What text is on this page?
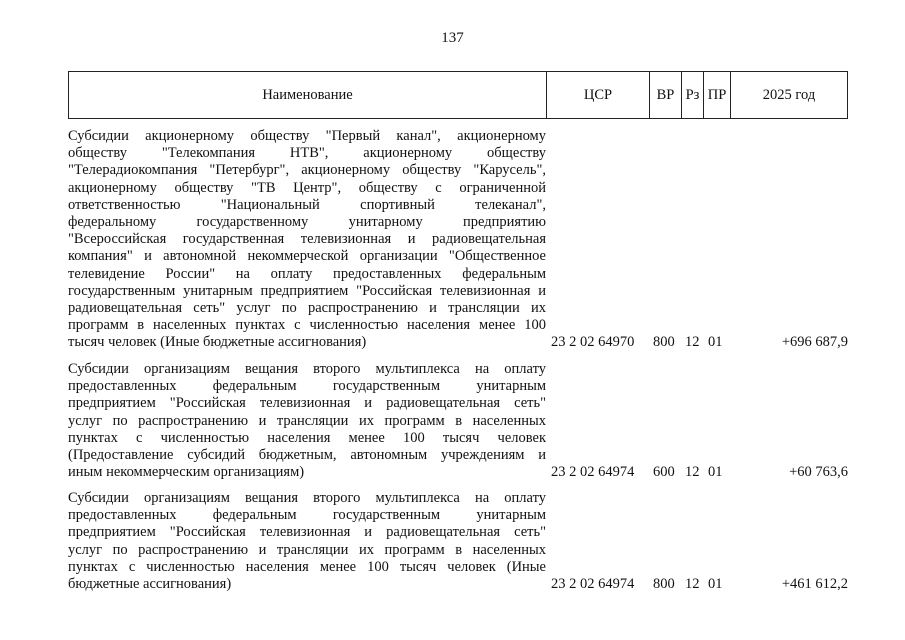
137
Наименование	ЦСР	ВР Рз ПР	2025 год
Субсидии акционерному обществу "Первый канал", акционерному
обществу "Телекомпания НТВ", акционерному обществу
"Телерадиокомпания "Петербург", акционерному обществу "Карусель",
акционерному обществу "ТВ Центр", обществу с ограниченной
ответственностью "Национальный спортивный телеканал",
федеральному государственному унитарному предприятию
"Всероссийская государственная телевизионная и радиовещательная
компания" и автономной некоммерческой организации "Общественное
телевидение России" на оплату предоставленных федеральным
государственным унитарным предприятием "Российская телевизионная и
радиовещательная сеть" услуг по распространению и трансляции их
программ в населенных пунктах с численностью населения менее 100
тысяч человек (Иные бюджетные ассигнования)	23 2 02 64970 800 12 01	+696 687,9
Субсидии организациям вещания второго мультиплекса на оплату
предоставленных федеральным государственным унитарным
предприятием "Российская телевизионная и радиовещательная сеть"
услуг по распространению и трансляции их программ в населенных
пунктах с численностью населения менее 100 тысяч человек
(Предоставление субсидий бюджетным, автономным учреждениям и
иным некоммерческим организациям)	23 2 02 64974 600 12 01	+60 763,6
Субсидии организациям вещания второго мультиплекса на оплату
предоставленных федеральным государственным унитарным
предприятием "Российская телевизионная и радиовещательная сеть"
услуг по распространению и трансляции их программ в населенных
пунктах с численностью населения менее 100 тысяч человек (Иные
бюджетные ассигнования)	23 2 02 64974 800 12 01	+461 612,2
